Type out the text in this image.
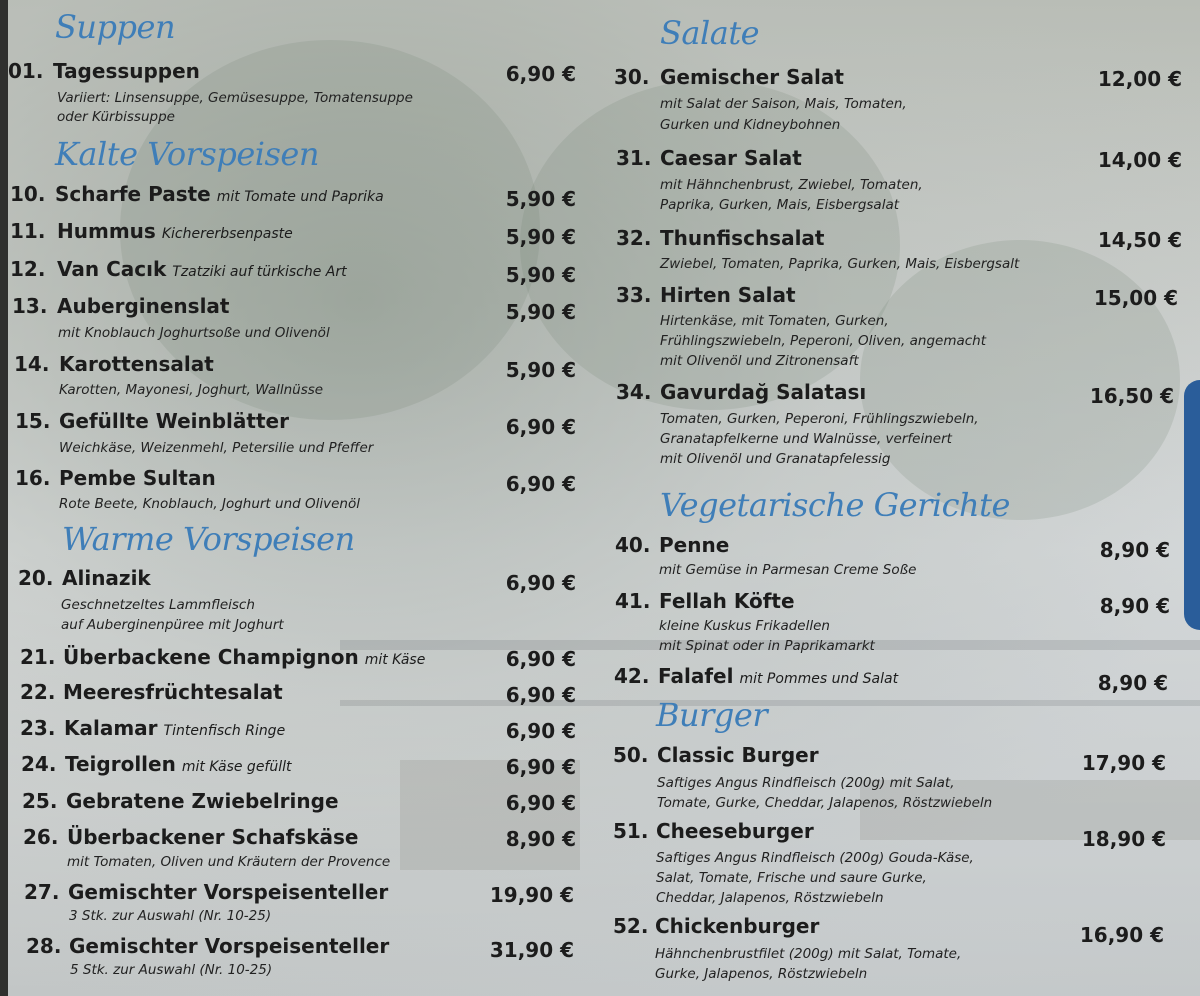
Suppen
Kalte Vorspeisen
Warme Vorspeisen
Salate
Vegetarische Gerichte
Burger
01. Tagessuppen	6,90 €
Variiert: Linsensuppe, Gemüsesuppe, Tomatensuppe
oder Kürbissuppe
10. Scharfe Paste mit Tomate und Paprika	5,90 €
11. Hummus Kichererbsenpaste	5,90 €
12. Van Cacık Tzatziki auf türkische Art	5,90 €
13. Auberginenslat	5,90 €
mit Knoblauch Joghurtsoße und Olivenöl
14. Karottensalat	5,90 €
Karotten, Mayonesi, Joghurt, Wallnüsse
15. Gefüllte Weinblätter	6,90 €
Weichkäse, Weizenmehl, Petersilie und Pfeffer
16. Pembe Sultan	6,90 €
Rote Beete, Knoblauch, Joghurt und Olivenöl
20. Alinazik	6,90 €
Geschnetzeltes Lammfleisch
auf Auberginenpüree mit Joghurt
21. Überbackene Champignon mit Käse	6,90 €
22. Meeresfrüchtesalat	6,90 €
23. Kalamar Tintenfisch Ringe	6,90 €
24. Teigrollen mit Käse gefüllt	6,90 €
25. Gebratene Zwiebelringe	6,90 €
26. Überbackener Schafskäse	8,90 €
mit Tomaten, Oliven und Kräutern der Provence
27. Gemischter Vorspeisenteller	19,90 €
3 Stk. zur Auswahl (Nr. 10-25)
28. Gemischter Vorspeisenteller	31,90 €
5 Stk. zur Auswahl (Nr. 10-25)
30. Gemischer Salat	12,00 €
mit Salat der Saison, Mais, Tomaten,
Gurken und Kidneybohnen
31. Caesar Salat	14,00 €
mit Hähnchenbrust, Zwiebel, Tomaten,
Paprika, Gurken, Mais, Eisbergsalat
32. Thunfischsalat	14,50 €
Zwiebel, Tomaten, Paprika, Gurken, Mais, Eisbergsalt
33. Hirten Salat	15,00 €
Hirtenkäse, mit Tomaten, Gurken,
Frühlingszwiebeln, Peperoni, Oliven, angemacht
mit Olivenöl und Zitronensaft
34. Gavurdağ Salatası	16,50 €
Tomaten, Gurken, Peperoni, Frühlingszwiebeln,
Granatapfelkerne und Walnüsse, verfeinert
mit Olivenöl und Granatapfelessig
40. Penne	8,90 €
mit Gemüse in Parmesan Creme Soße
41. Fellah Köfte	8,90 €
kleine Kuskus Frikadellen
mit Spinat oder in Paprikamarkt
42. Falafel mit Pommes und Salat	8,90 €
50. Classic Burger	17,90 €
Saftiges Angus Rindfleisch (200g) mit Salat,
Tomate, Gurke, Cheddar, Jalapenos, Röstzwiebeln
51. Cheeseburger	18,90 €
Saftiges Angus Rindfleisch (200g) Gouda-Käse,
Salat, Tomate, Frische und saure Gurke,
Cheddar, Jalapenos, Röstzwiebeln
52. Chickenburger	16,90 €
Hähnchenbrustfilet (200g) mit Salat, Tomate,
Gurke, Jalapenos, Röstzwiebeln
